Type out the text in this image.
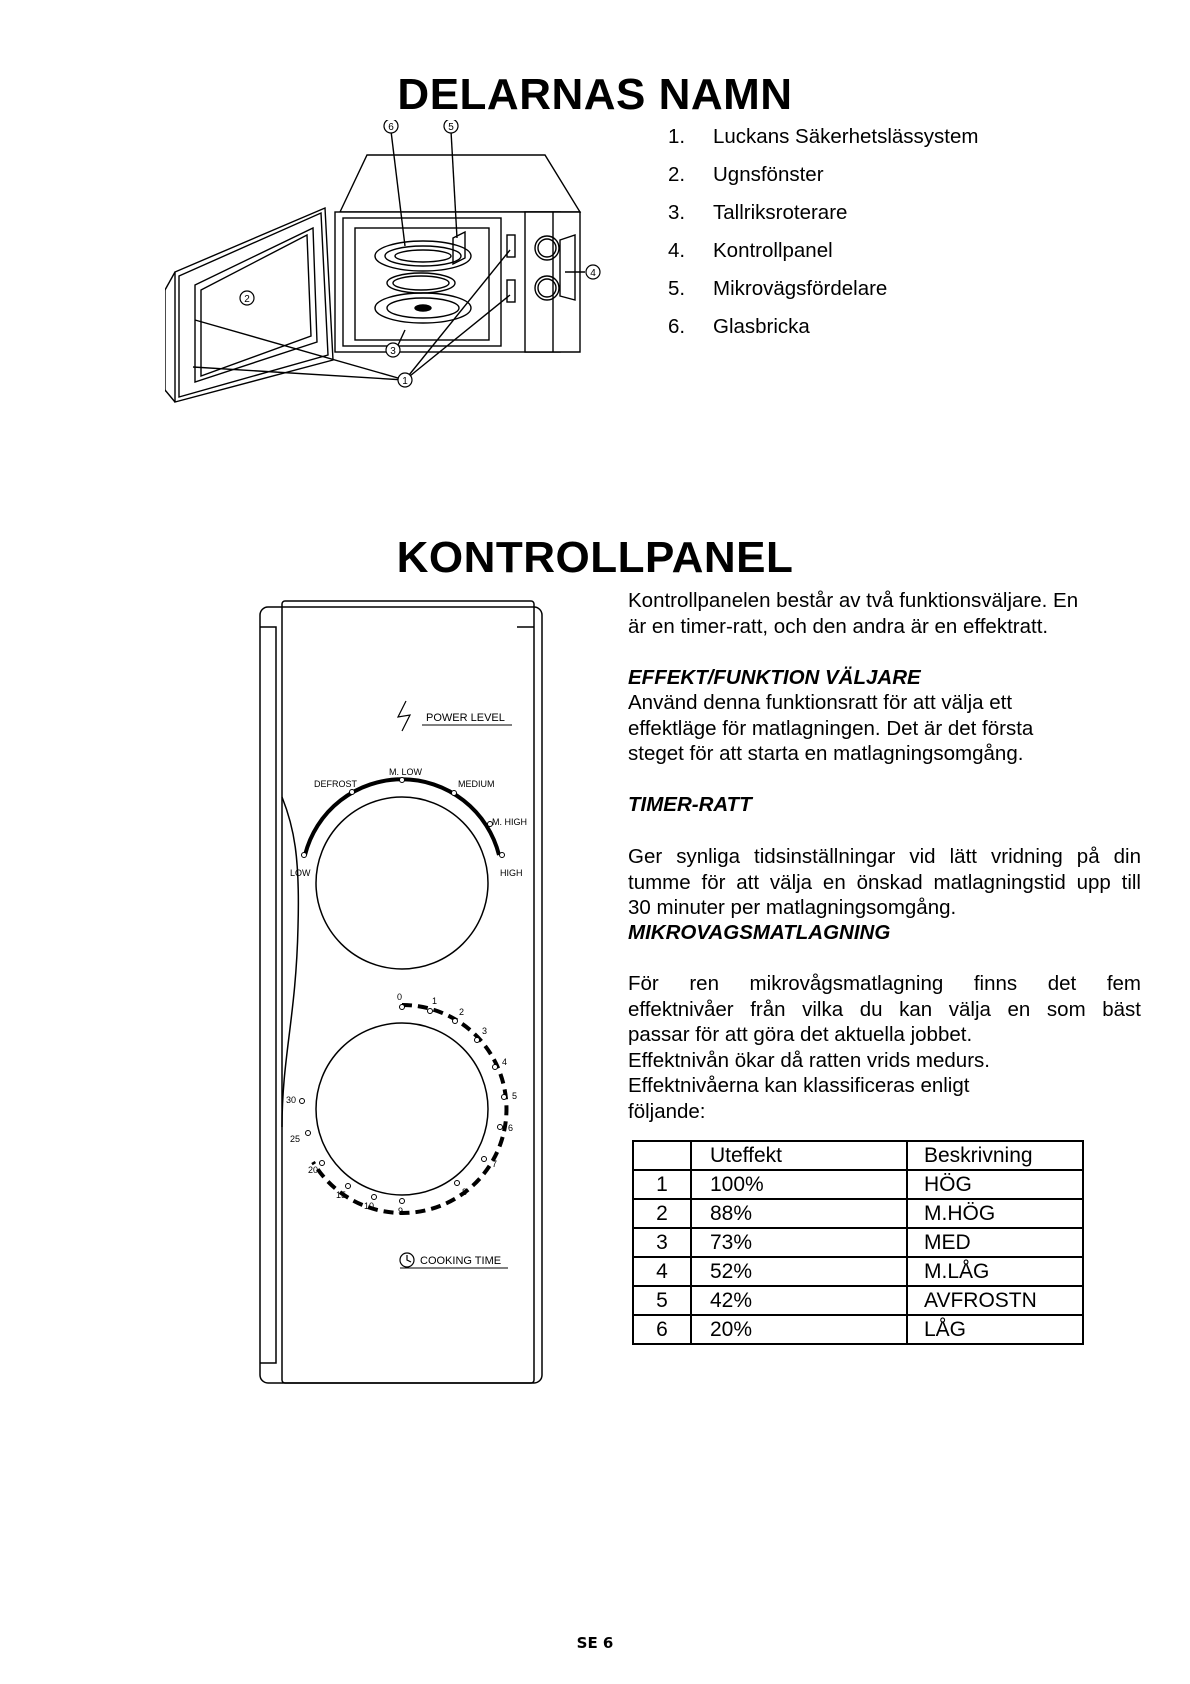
DELARNAS NAMN
6	5
2
3
1
4
1. Luckans Säkerhetslässystem
2. Ugnsfönster
3. Tallriksroterare
4. Kontrollpanel
5. Mikrovägsfördelare
6. Glasbricka
KONTROLLPANEL
POWER LEVEL
LOW
DEFROST
M. LOW
MEDIUM
M. HIGH
HIGH
0	1
2
3
4
5
6
7
8
9
10
15
20
25
30
COOKING TIME

Kontrollpanelen består av två funktionsväljare. En

är en timer-ratt, och den andra är en effektratt.

EFFEKT/FUNKTION VÄLJARE

Använd denna funktionsratt för att välja ett

effektläge för matlagningen. Det är det första

steget för att starta en matlagningsomgång.

TIMER-RATT

Ger synliga tidsinställningar vid lätt vridning på din

tumme för att välja en önskad matlagningstid upp till

30 minuter per matlagningsomgång.

MIKROVAGSMATLAGNING

För ren mikrovågsmatlagning finns det fem

effektnivåer från vilka du kan välja en som bäst

passar för att göra det aktuella jobbet.

Effektnivån ökar då ratten vrids medurs.

Effektnivåerna kan klassificeras enligt

följande:

	Uteffekt	Beskrivning
1	100%	HÖG
2	88%	M.HÖG
3	73%	MED
4	52%	M.LÅG
5	42%	AVFROSTN
6	20%	LÅG
SE 6
